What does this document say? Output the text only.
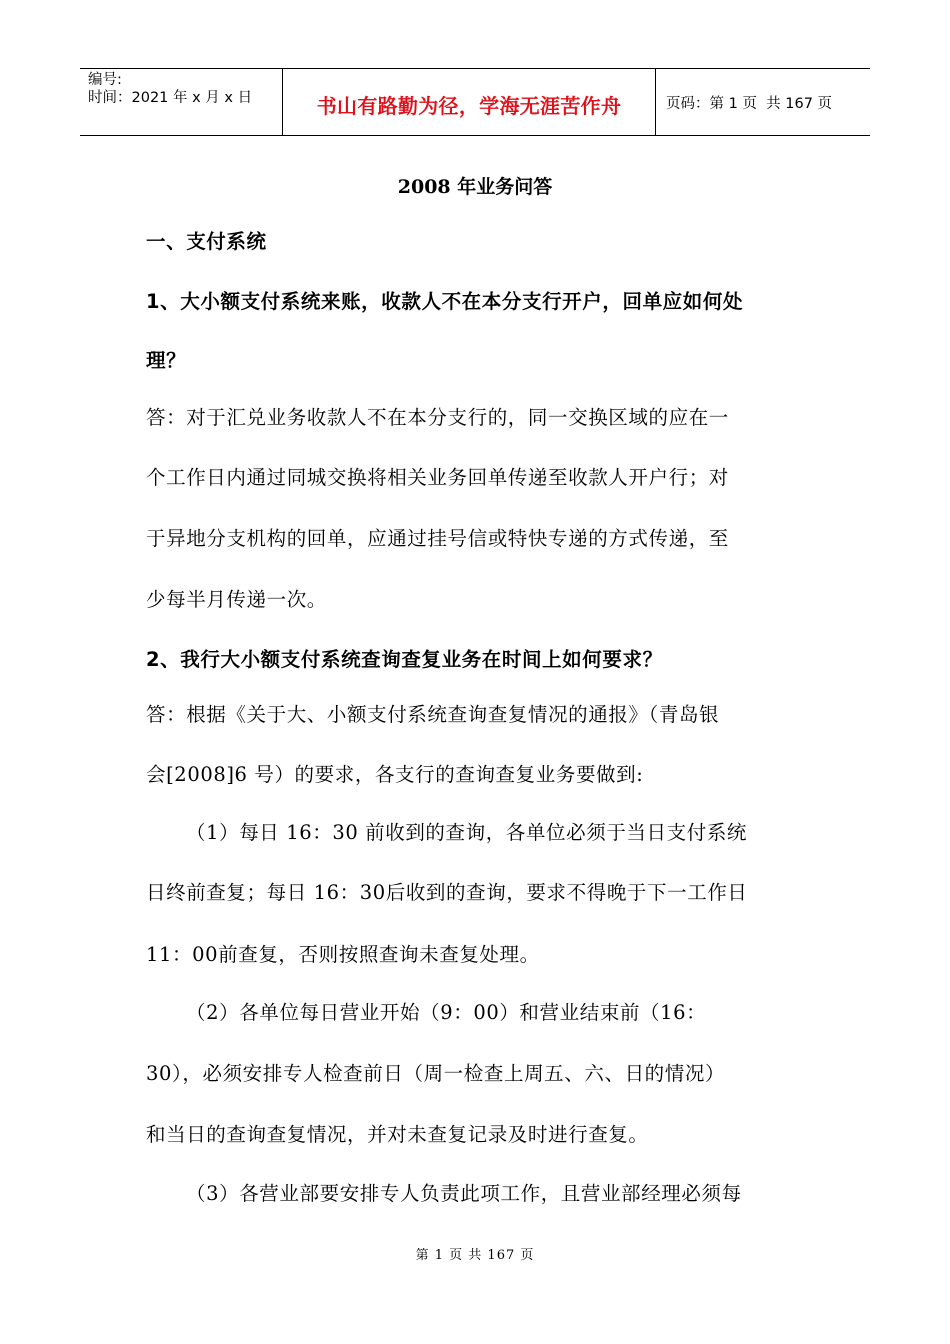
编号:
时间：2021 年 x 月 x 日	书山有路勤为径，学海无涯苦作舟	页码：第 1 页  共 167 页
2008 年业务问答
一、支付系统
1、大小额支付系统来账，收款人不在本分支行开户，回单应如何处
理？
答：对于汇兑业务收款人不在本分支行的，同一交换区域的应在一
个工作日内通过同城交换将相关业务回单传递至收款人开户行；对
于异地分支机构的回单，应通过挂号信或特快专递的方式传递，至
少每半月传递一次。
2、我行大小额支付系统查询查复业务在时间上如何要求？
答：根据《关于大、小额支付系统查询查复情况的通报》（青岛银
会[2008]6 号）的要求，各支行的查询查复业务要做到:
（1）每日 16：30 前收到的查询，各单位必须于当日支付系统
日终前查复；每日 16：30后收到的查询，要求不得晚于下一工作日
11：00前查复，否则按照查询未查复处理。
（2）各单位每日营业开始（9：00）和营业结束前（16：
30），必须安排专人检查前日（周一检查上周五、六、日的情况）
和当日的查询查复情况，并对未查复记录及时进行查复。
（3）各营业部要安排专人负责此项工作，且营业部经理必须每
第 1 页 共 167 页
